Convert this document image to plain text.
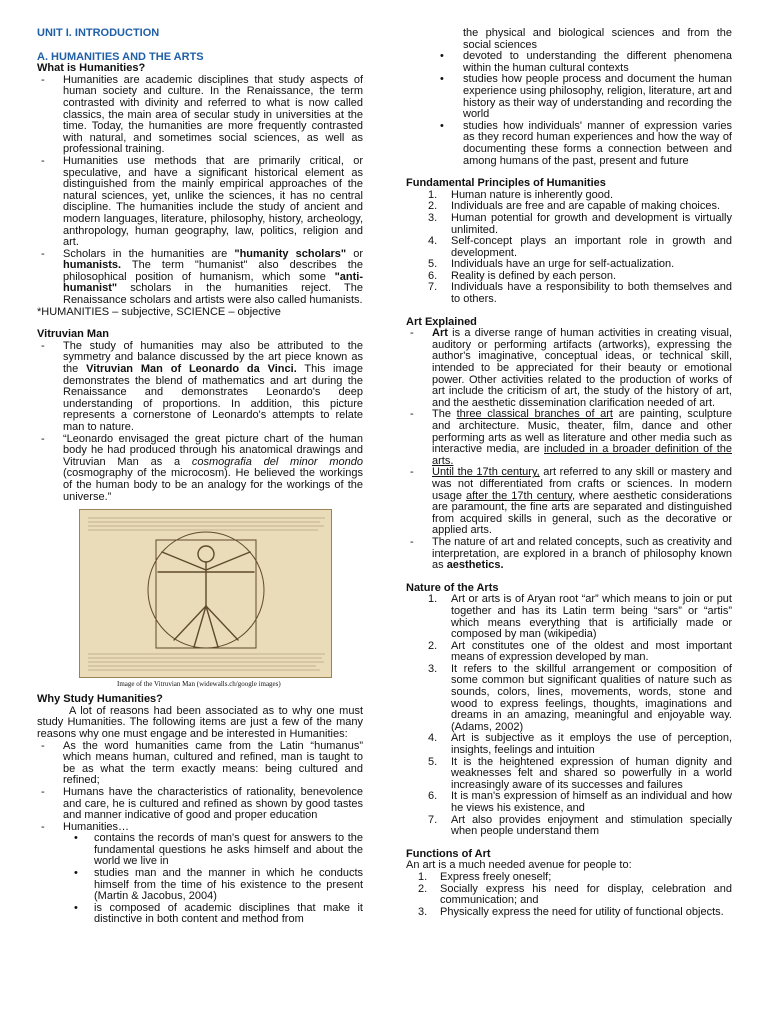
UNIT I. INTRODUCTION
A. HUMANITIES AND THE ARTS
What is Humanities?
- Humanities are academic disciplines that study aspects of human society and culture. In the Renaissance, the term contrasted with divinity and referred to what is now called classics, the main area of secular study in universities at the time. Today, the humanities are more frequently contrasted with natural, and sometimes social sciences, as well as professional training.
- Humanities use methods that are primarily critical, or speculative, and have a significant historical element as distinguished from the mainly empirical approaches of the natural sciences, yet, unlike the sciences, it has no central discipline. The humanities include the study of ancient and modern languages, literature, philosophy, history, archeology, anthropology, human geography, law, politics, religion and art.
- Scholars in the humanities are "humanity scholars" or humanists. The term "humanist" also describes the philosophical position of humanism, which some "anti-humanist" scholars in the humanities reject. The Renaissance scholars and artists were also called humanists.
*HUMANITIES – subjective, SCIENCE – objective
Vitruvian Man
- The study of humanities may also be attributed to the symmetry and balance discussed by the art piece known as the Vitruvian Man of Leonardo da Vinci. This image demonstrates the blend of mathematics and art during the Renaissance and demonstrates Leonardo's deep understanding of proportions. In addition, this picture represents a cornerstone of Leonardo's attempts to relate man to nature.
- “Leonardo envisaged the great picture chart of the human body he had produced through his anatomical drawings and Vitruvian Man as a cosmografia del minor mondo (cosmography of the microcosm). He believed the workings of the human body to be an analogy for the workings of the universe.”
Image of the Vitruvian Man (widewalls.ch/google images)
Why Study Humanities?
A lot of reasons had been associated as to why one must study Humanities. The following items are just a few of the many reasons why one must engage and be interested in Humanities:
- As the word humanities came from the Latin “humanus” which means human, cultured and refined, man is taught to be as what the term exactly means: being cultured and refined;
- Humans have the characteristics of rationality, benevolence and care, he is cultured and refined as shown by good tastes and manner indicative of good and proper education
- Humanities…
• contains the records of man's quest for answers to the fundamental questions he asks himself and about the world we live in
• studies man and the manner in which he conducts himself from the time of his existence to the present (Martin & Jacobus, 2004)
• is composed of academic disciplines that make it distinctive in both content and method from
the physical and biological sciences and from the social sciences
• devoted to understanding the different phenomena within the human cultural contexts
• studies how people process and document the human experience using philosophy, religion, literature, art and history as their way of understanding and recording the world
• studies how individuals' manner of expression varies as they record human experiences and how the way of documenting these forms a connection between and among humans of the past, present and future
Fundamental Principles of Humanities
1. Human nature is inherently good.
2. Individuals are free and are capable of making choices.
3. Human potential for growth and development is virtually unlimited.
4. Self-concept plays an important role in growth and development.
5. Individuals have an urge for self-actualization.
6. Reality is defined by each person.
7. Individuals have a responsibility to both themselves and to others.
Art Explained
- Art is a diverse range of human activities in creating visual, auditory or performing artifacts (artworks), expressing the author's imaginative, conceptual ideas, or technical skill, intended to be appreciated for their beauty or emotional power. Other activities related to the production of works of art include the criticism of art, the study of the history of art, and the aesthetic dissemination clarification needed of art.
- The three classical branches of art are painting, sculpture and architecture. Music, theater, film, dance and other performing arts as well as literature and other media such as interactive media, are included in a broader definition of the arts.
- Until the 17th century, art referred to any skill or mastery and was not differentiated from crafts or sciences. In modern usage after the 17th century, where aesthetic considerations are paramount, the fine arts are separated and distinguished from acquired skills in general, such as the decorative or applied arts.
- The nature of art and related concepts, such as creativity and interpretation, are explored in a branch of philosophy known as aesthetics.
Nature of the Arts
1. Art or arts is of Aryan root “ar” which means to join or put together and has its Latin term being “sars” or “artis” which means everything that is artificially made or composed by man (wikipedia)
2. Art constitutes one of the oldest and most important means of expression developed by man.
3. It refers to the skillful arrangement or composition of some common but significant qualities of nature such as sounds, colors, lines, movements, words, stone and wood to express feelings, thoughts, imaginations and dreams in an amazing, meaningful and enjoyable way. (Adams, 2002)
4. Art is subjective as it employs the use of perception, insights, feelings and intuition
5. It is the heightened expression of human dignity and weaknesses felt and shared so powerfully in a world increasingly aware of its successes and failures
6. It is man's expression of himself as an individual and how he views his existence, and
7. Art also provides enjoyment and stimulation specially when people understand them
Functions of Art
An art is a much needed avenue for people to:
1. Express freely oneself;
2. Socially express his need for display, celebration and communication; and
3. Physically express the need for utility of functional objects.
